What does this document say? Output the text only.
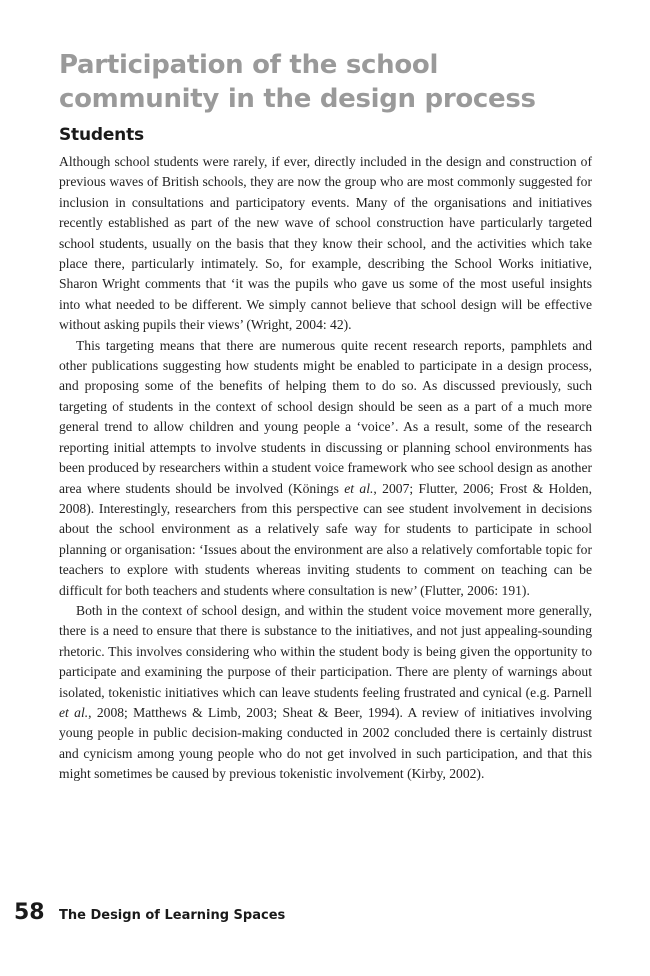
Participation of the school community in the design process
Students

Although school students were rarely, if ever, directly included in the design and construction of previous waves of British schools, they are now the group who are most commonly suggested for inclusion in consultations and participatory events. Many of the organisations and initiatives recently established as part of the new wave of school construction have particularly targeted school students, usually on the basis that they know their school, and the activities which take place there, particularly intimately. So, for example, describing the School Works initiative, Sharon Wright comments that ‘it was the pupils who gave us some of the most useful insights into what needed to be different. We simply cannot believe that school design will be effective without asking pupils their views’ (Wright, 2004: 42).

This targeting means that there are numerous quite recent research reports, pamphlets and other publications suggesting how students might be enabled to participate in a design process, and proposing some of the benefits of helping them to do so. As discussed previously, such targeting of students in the context of school design should be seen as a part of a much more general trend to allow children and young people a ‘voice’. As a result, some of the research reporting initial attempts to involve students in discussing or planning school environments has been produced by researchers within a student voice framework who see school design as another area where students should be involved (Könings et al., 2007; Flutter, 2006; Frost & Holden, 2008). Interestingly, researchers from this perspective can see student involvement in decisions about the school environment as a relatively safe way for students to participate in school planning or organisation: ‘Issues about the environment are also a relatively comfortable topic for teachers to explore with students whereas inviting students to comment on teaching can be difficult for both teachers and students where consultation is new’ (Flutter, 2006: 191).

Both in the context of school design, and within the student voice movement more generally, there is a need to ensure that there is substance to the initiatives, and not just appealing-sounding rhetoric. This involves considering who within the student body is being given the opportunity to participate and examining the purpose of their participation. There are plenty of warnings about isolated, tokenistic initiatives which can leave students feeling frustrated and cynical (e.g. Parnell et al., 2008; Matthews & Limb, 2003; Sheat & Beer, 1994). A review of initiatives involving young people in public decision-making conducted in 2002 concluded there is certainly distrust and cynicism among young people who do not get involved in such participation, and that this might sometimes be caused by previous tokenistic involvement (Kirby, 2002).

58	The Design of Learning Spaces
